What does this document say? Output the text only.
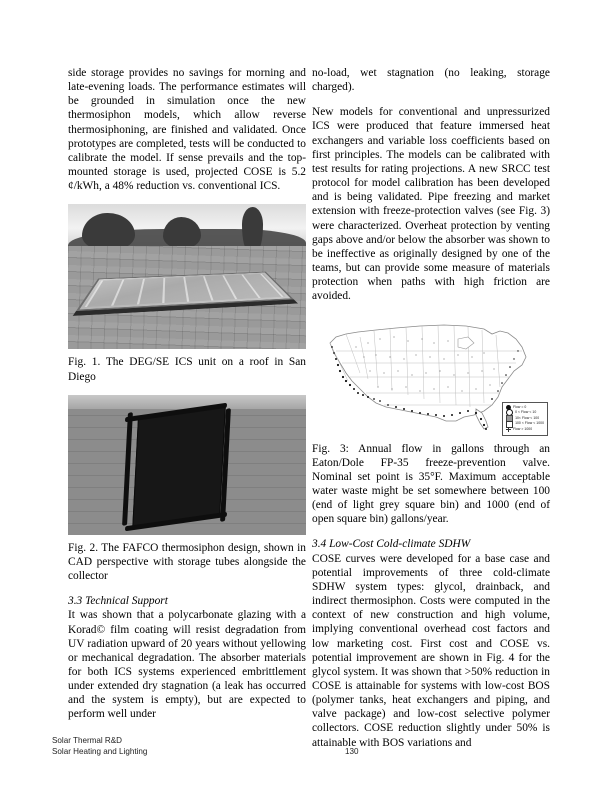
side storage provides no savings for morning and late-evening loads. The performance estimates will be grounded in simulation once the new thermosiphon models, which allow reverse thermosiphoning, are finished and validated. Once prototypes are completed, tests will be conducted to calibrate the model. If sense prevails and the top-mounted storage is used, projected COSE is 5.2 ¢/kWh, a 48% reduction vs. conventional ICS.

Fig. 1. The DEG/SE ICS unit on a roof in San Diego

Fig. 2. The FAFCO thermosiphon design, shown in CAD perspective with storage tubes alongside the collector

3.3 Technical Support

It was shown that a polycarbonate glazing with a Korad© film coating will resist degradation from UV radiation upward of 20 years without yellowing or mechanical degradation. The absorber materials for both ICS systems experienced embrittlement under extended dry stagnation (a leak has occurred and the system is empty), but are expected to perform well under

no-load, wet stagnation (no leaking, storage charged).

New models for conventional and unpressurized ICS were produced that feature immersed heat exchangers and variable loss coefficients based on first principles. The models can be calibrated with test results for rating projections. A new SRCC test protocol for model calibration has been developed and is being validated. Pipe freezing and market extension with freeze-protection valves (see Fig. 3) were characterized. Overheat protection by venting gaps above and/or below the absorber was shown to be ineffective as originally designed by one of the teams, but can provide some measure of materials protection when paths with high friction are avoided.

Flow = 0
0 < Flow < 10
10< Flow < 100
100 < Flow < 1000
Flow > 1000

Fig. 3: Annual flow in gallons through an Eaton/Dole FP-35 freeze-prevention valve. Nominal set point is 35°F. Maximum acceptable water waste might be set somewhere between 100 (end of light grey square bin) and 1000 (end of open square bin) gallons/year.

3.4 Low-Cost Cold-climate SDHW

COSE curves were developed for a base case and potential improvements of three cold-climate SDHW system types: glycol, drainback, and indirect thermosiphon. Costs were computed in the context of new construction and high volume, implying conventional overhead cost factors and low marketing cost. First cost and COSE vs. potential improvement are shown in Fig. 4 for the glycol system. It was shown that >50% reduction in COSE is attainable for systems with low-cost BOS (polymer tanks, heat exchangers and piping, and valve package) and low-cost selective polymer collectors. COSE reduction slightly under 50% is attainable with BOS variations and

Solar Thermal R&D
Solar Heating and Lighting	130
